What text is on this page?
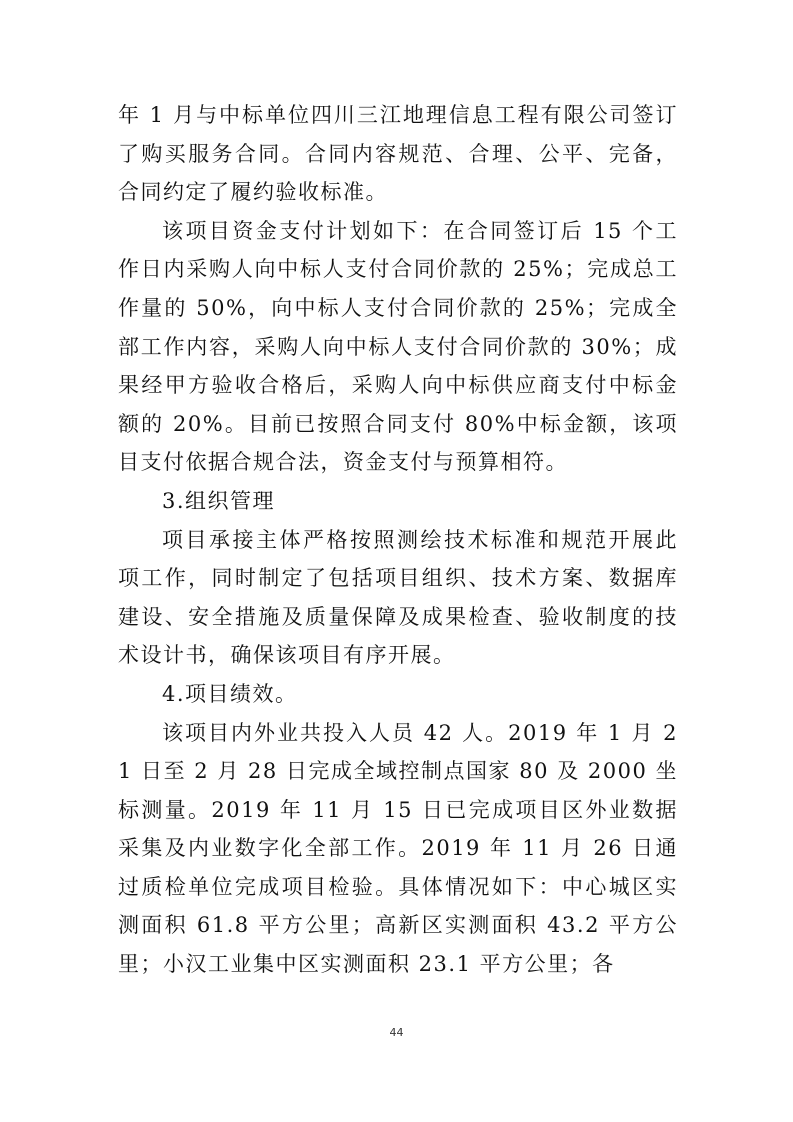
年 1 月与中标单位四川三江地理信息工程有限公司签订了购买服务合同。合同内容规范、合理、公平、完备，合同约定了履约验收标准。

该项目资金支付计划如下：在合同签订后 15 个工作日内采购人向中标人支付合同价款的 25%；完成总工作量的 50%，向中标人支付合同价款的 25%；完成全部工作内容，采购人向中标人支付合同价款的 30%；成果经甲方验收合格后，采购人向中标供应商支付中标金额的 20%。目前已按照合同支付 80%中标金额，该项目支付依据合规合法，资金支付与预算相符。

3.组织管理

项目承接主体严格按照测绘技术标准和规范开展此项工作，同时制定了包括项目组织、技术方案、数据库建设、安全措施及质量保障及成果检查、验收制度的技术设计书，确保该项目有序开展。

4.项目绩效。

该项目内外业共投入人员 42 人。2019 年 1 月 21 日至 2 月 28 日完成全域控制点国家 80 及 2000 坐标测量。2019 年 11 月 15 日已完成项目区外业数据采集及内业数字化全部工作。2019 年 11 月 26 日通过质检单位完成项目检验。具体情况如下：中心城区实测面积 61.8 平方公里；高新区实测面积 43.2 平方公里；小汉工业集中区实测面积 23.1 平方公里；各

44
